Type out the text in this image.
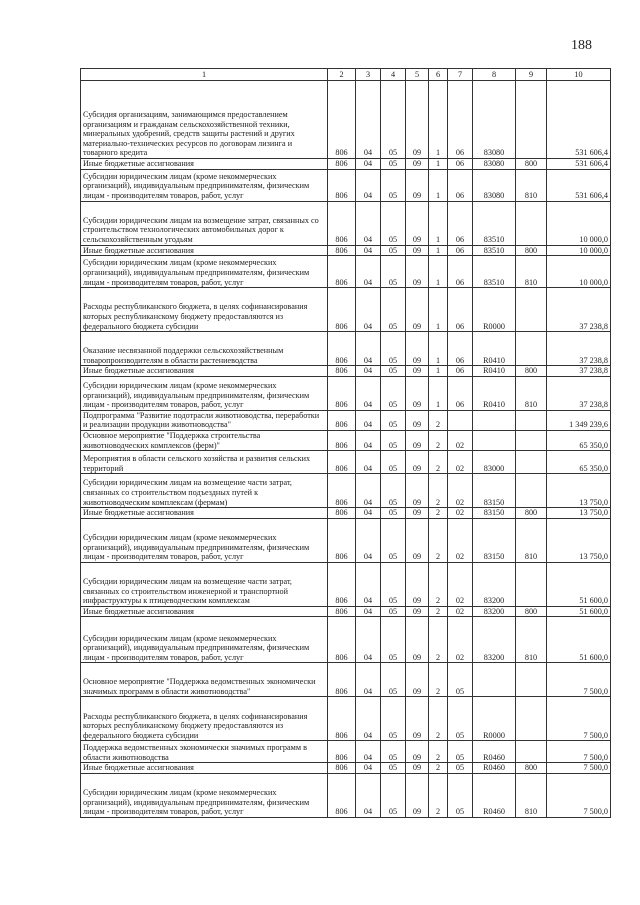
188
1	2	3	4	5	6	7	8	9	10
Субсидия организациям, занимающимся предоставлением организациям и гражданам сельскохозяйственной техники, минеральных удобрений, средств защиты растений и других материально-технических ресурсов по договорам лизинга и товарного кредита	806	04	05	09	1	06	83080		531 606,4
Иные бюджетные ассигнования	806	04	05	09	1	06	83080	800	531 606,4
Субсидии юридическим лицам (кроме некоммерческих организаций), индивидуальным предпринимателям, физическим лицам - производителям товаров, работ, услуг	806	04	05	09	1	06	83080	810	531 606,4
Субсидии юридическим лицам на возмещение затрат, связанных со строительством технологических автомобильных дорог к сельскохозяйственным угодьям	806	04	05	09	1	06	83510		10 000,0
Иные бюджетные ассигнования	806	04	05	09	1	06	83510	800	10 000,0
Субсидии юридическим лицам (кроме некоммерческих организаций), индивидуальным предпринимателям, физическим лицам - производителям товаров, работ, услуг	806	04	05	09	1	06	83510	810	10 000,0
Расходы республиканского бюджета, в целях софинансирования которых республиканскому бюджету предоставляются из федерального бюджета субсидии	806	04	05	09	1	06	R0000		37 238,8
Оказание несвязанной поддержки сельскохозяйственным товаропроизводителям в области растениеводства	806	04	05	09	1	06	R0410		37 238,8
Иные бюджетные ассигнования	806	04	05	09	1	06	R0410	800	37 238,8
Субсидии юридическим лицам (кроме некоммерческих организаций), индивидуальным предпринимателям, физическим лицам - производителям товаров, работ, услуг	806	04	05	09	1	06	R0410	810	37 238,8
Подпрограмма "Развитие подотрасли животноводства, переработки и реализации продукции животноводства"	806	04	05	09	2				1 349 239,6
Основное мероприятие "Поддержка строительства животноводческих комплексов (ферм)"	806	04	05	09	2	02			65 350,0
Мероприятия в области сельского хозяйства и развития сельских территорий	806	04	05	09	2	02	83000		65 350,0
Субсидии юридическим лицам на возмещение части затрат, связанных со строительством подъездных путей к животноводческим комплексам (фермам)	806	04	05	09	2	02	83150		13 750,0
Иные бюджетные ассигнования	806	04	05	09	2	02	83150	800	13 750,0
Субсидии юридическим лицам (кроме некоммерческих организаций), индивидуальным предпринимателям, физическим лицам - производителям товаров, работ, услуг	806	04	05	09	2	02	83150	810	13 750,0
Субсидии юридическим лицам на возмещение части затрат, связанных со строительством инженерной и транспортной инфраструктуры к птицеводческим комплексам	806	04	05	09	2	02	83200		51 600,0
Иные бюджетные ассигнования	806	04	05	09	2	02	83200	800	51 600,0
Субсидии юридическим лицам (кроме некоммерческих организаций), индивидуальным предпринимателям, физическим лицам - производителям товаров, работ, услуг	806	04	05	09	2	02	83200	810	51 600,0
Основное мероприятие "Поддержка ведомственных экономически значимых программ в области животноводства"	806	04	05	09	2	05			7 500,0
Расходы республиканского бюджета, в целях софинансирования которых республиканскому бюджету предоставляются из федерального бюджета субсидии	806	04	05	09	2	05	R0000		7 500,0
Поддержка ведомственных экономически значимых программ в области животноводства	806	04	05	09	2	05	R0460		7 500,0
Иные бюджетные ассигнования	806	04	05	09	2	05	R0460	800	7 500,0
Субсидии юридическим лицам (кроме некоммерческих организаций), индивидуальным предпринимателям, физическим лицам - производителям товаров, работ, услуг	806	04	05	09	2	05	R0460	810	7 500,0
